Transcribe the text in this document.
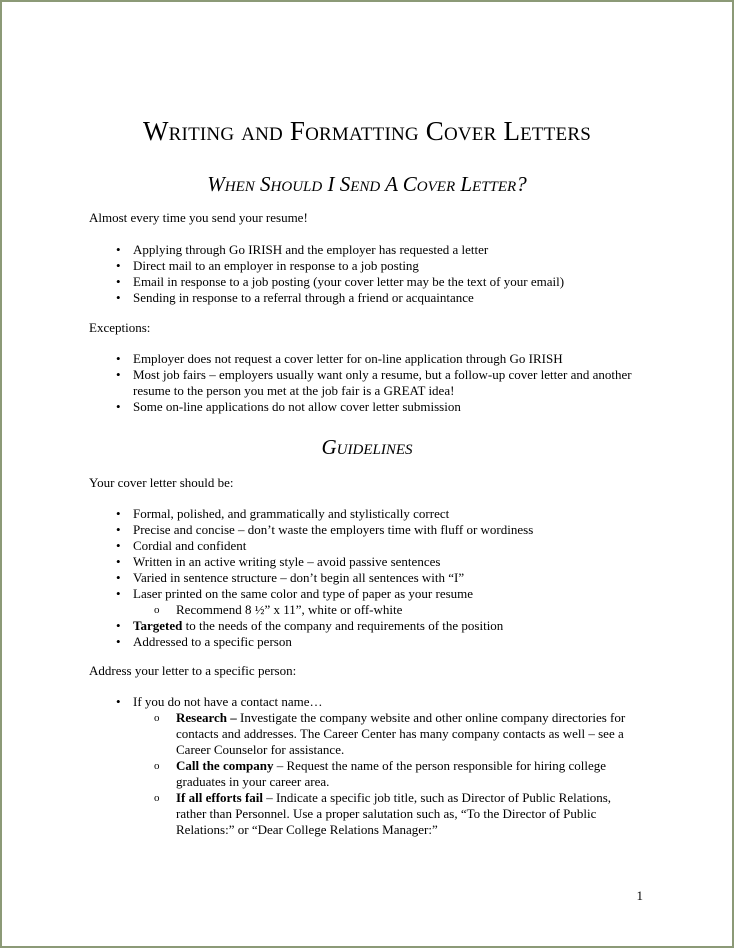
Writing and Formatting Cover Letters
When Should I Send A Cover Letter?
Almost every time you send your resume!
• Applying through Go IRISH and the employer has requested a letter
• Direct mail to an employer in response to a job posting
• Email in response to a job posting (your cover letter may be the text of your email)
• Sending in response to a referral through a friend or acquaintance
Exceptions:
• Employer does not request a cover letter for on-line application through Go IRISH
• Most job fairs – employers usually want only a resume, but a follow-up cover letter and another resume to the person you met at the job fair is a GREAT idea!
• Some on-line applications do not allow cover letter submission
Guidelines
Your cover letter should be:
• Formal, polished, and grammatically and stylistically correct
• Precise and concise – don’t waste the employers time with fluff or wordiness
• Cordial and confident
• Written in an active writing style – avoid passive sentences
• Varied in sentence structure – don’t begin all sentences with “I”
• Laser printed on the same color and type of paper as your resume
o Recommend 8 ½” x 11”, white or off-white
• Targeted to the needs of the company and requirements of the position
• Addressed to a specific person
Address your letter to a specific person:
• If you do not have a contact name…
o Research – Investigate the company website and other online company directories for contacts and addresses. The Career Center has many company contacts as well – see a Career Counselor for assistance.
o Call the company – Request the name of the person responsible for hiring college graduates in your career area.
o If all efforts fail – Indicate a specific job title, such as Director of Public Relations, rather than Personnel. Use a proper salutation such as, “To the Director of Public Relations:” or “Dear College Relations Manager:”
1
